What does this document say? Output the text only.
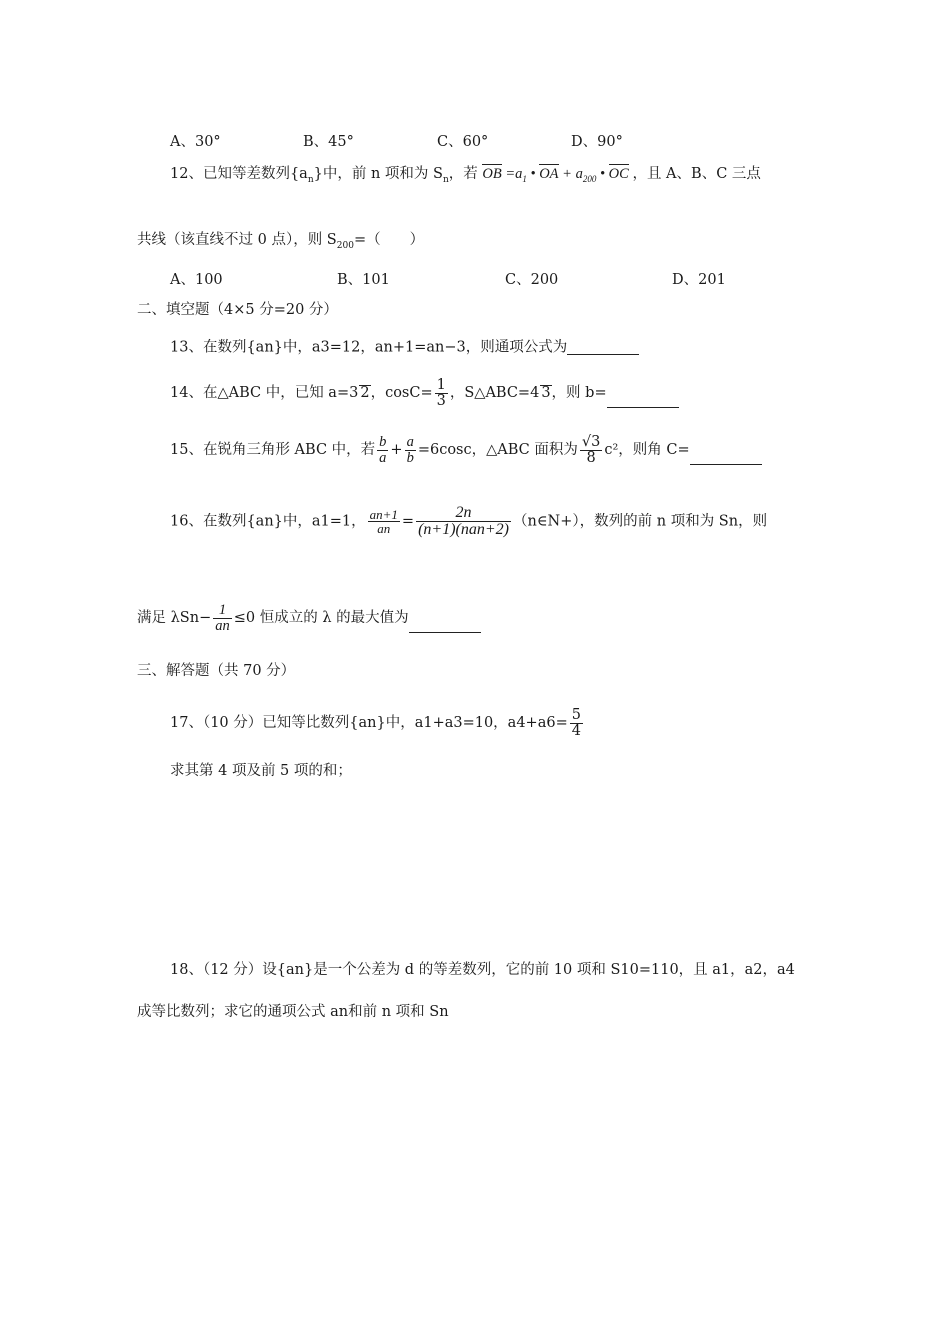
A、30°	B、45°	C、60°	D、90°
12、已知等差数列$\{a_n\}$中，前 n 项和为 $S_n$，若 OB $=a_1$ • OA + $a_{200}$ • OC ，且 A、B、C 三点
共线（该直线不过 0 点），则 $S_{200}=$（　　）
A、100	B、101	C、200	D、201
二、填空题（4×5 分=20 分）
13、在数列{an}中，a3=12，an+1=an−3，则通项公式为
14、在△ABC 中，已知 a=3 2，$\cos C= \frac{1}{3}$ ，S△ABC=4 3，则 b=
15、在锐角三角形 ABC 中，若 $\frac{b}{a} + \frac{a}{b} =6\cos c$，△ABC 面积为 $\frac{√3}{8} c^2$，则角 C=
16、在数列{an}中，a1=1， $\frac{an+1}{an} = \frac{2n}{\text{(n+1)(nan+2)}}$ （n∈N+），数列的前 n 项和为 Sn，则
满足 $\lambda Sn- \frac{1}{an} \le 0$ 恒成立的 λ 的最大值为
三、解答题（共 70 分）
17、（10 分）已知等比数列{an}中，a1+a3=10，$a4+a6= \frac{5}{4}$
求其第 4 项及前 5 项的和；
18、（12 分）设{an}是一个公差为 d 的等差数列，它的前 10 项和 S10=110，且 a1，a2，a4
成等比数列；求它的通项公式 an和前 n 项和 Sn
